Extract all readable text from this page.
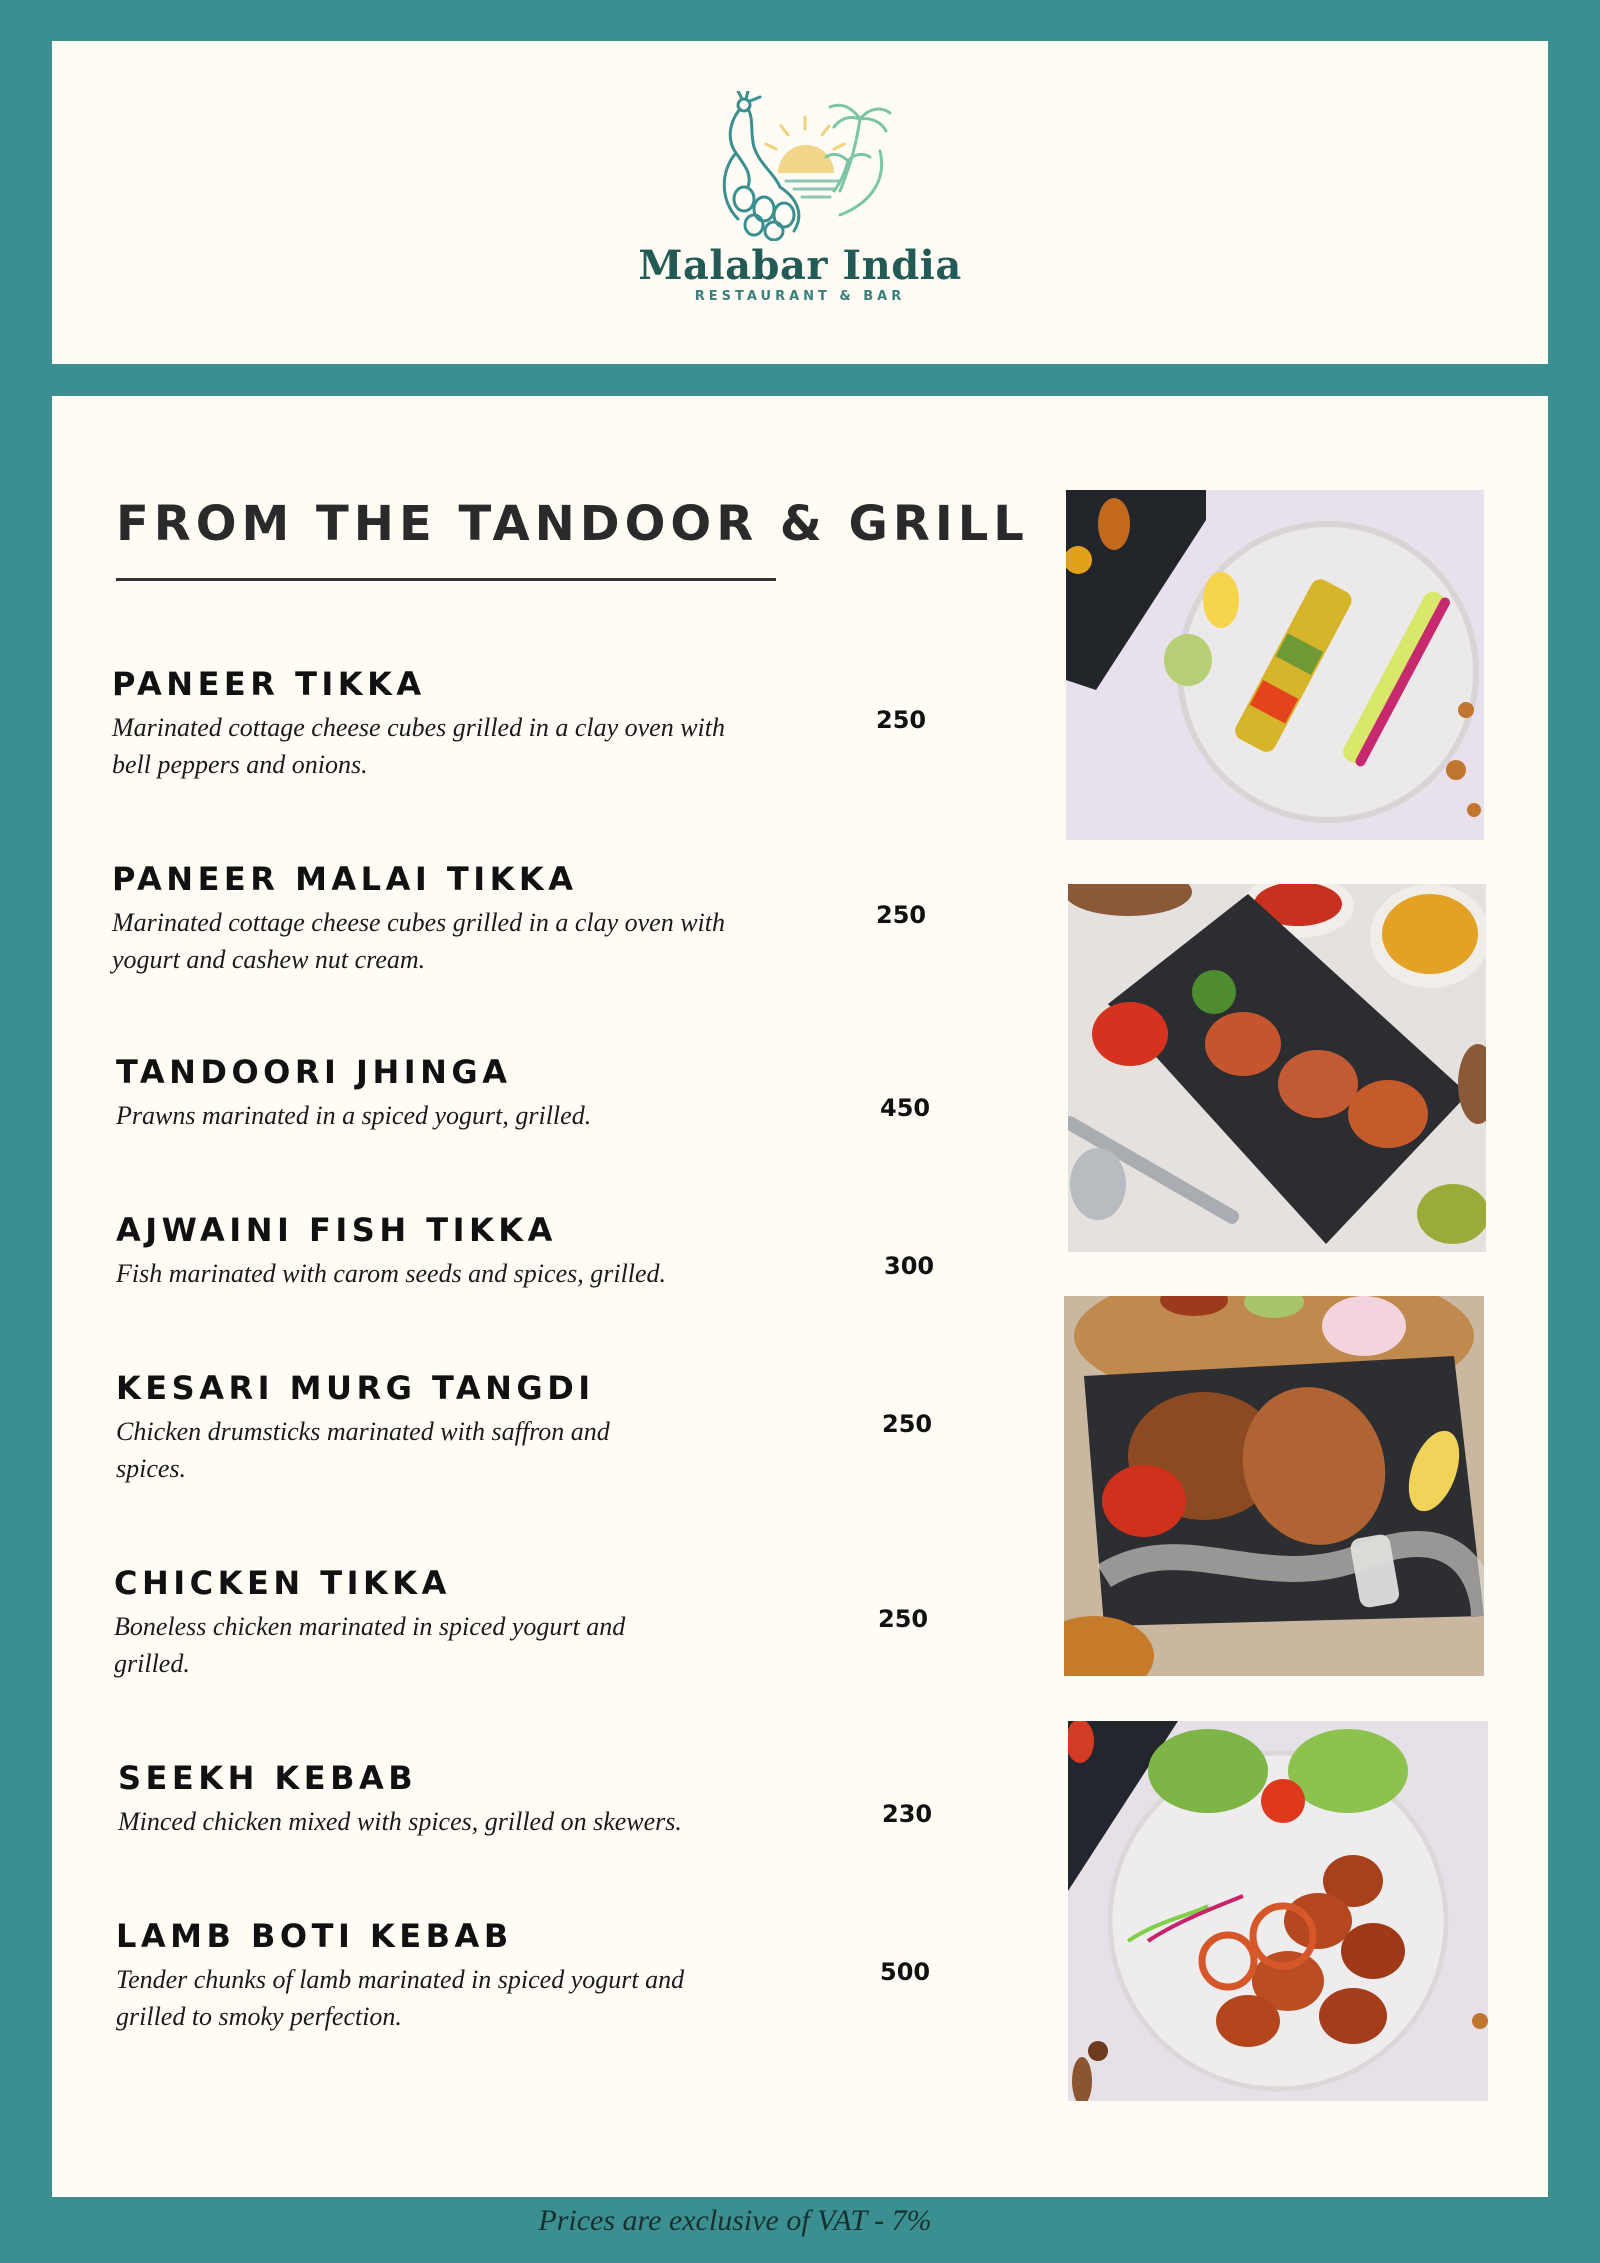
Malabar India
RESTAURANT & BAR
FROM THE TANDOOR & GRILL
PANEER TIKKA
Marinated cottage cheese cubes grilled in a clay oven with bell peppers and onions.
250
PANEER MALAI TIKKA
Marinated cottage cheese cubes grilled in a clay oven with yogurt and cashew nut cream.
250
TANDOORI JHINGA
Prawns marinated in a spiced yogurt, grilled.	450
AJWAINI FISH TIKKA
Fish marinated with carom seeds and spices, grilled.	300
KESARI MURG TANGDI
Chicken drumsticks marinated with saffron and spices.
250
CHICKEN TIKKA
Boneless chicken marinated in spiced yogurt and grilled.
250
SEEKH KEBAB
Minced chicken mixed with spices, grilled on skewers.	230
LAMB BOTI KEBAB
Tender chunks of lamb marinated in spiced yogurt and grilled to smoky perfection.
500
Prices are exclusive of VAT - 7%
